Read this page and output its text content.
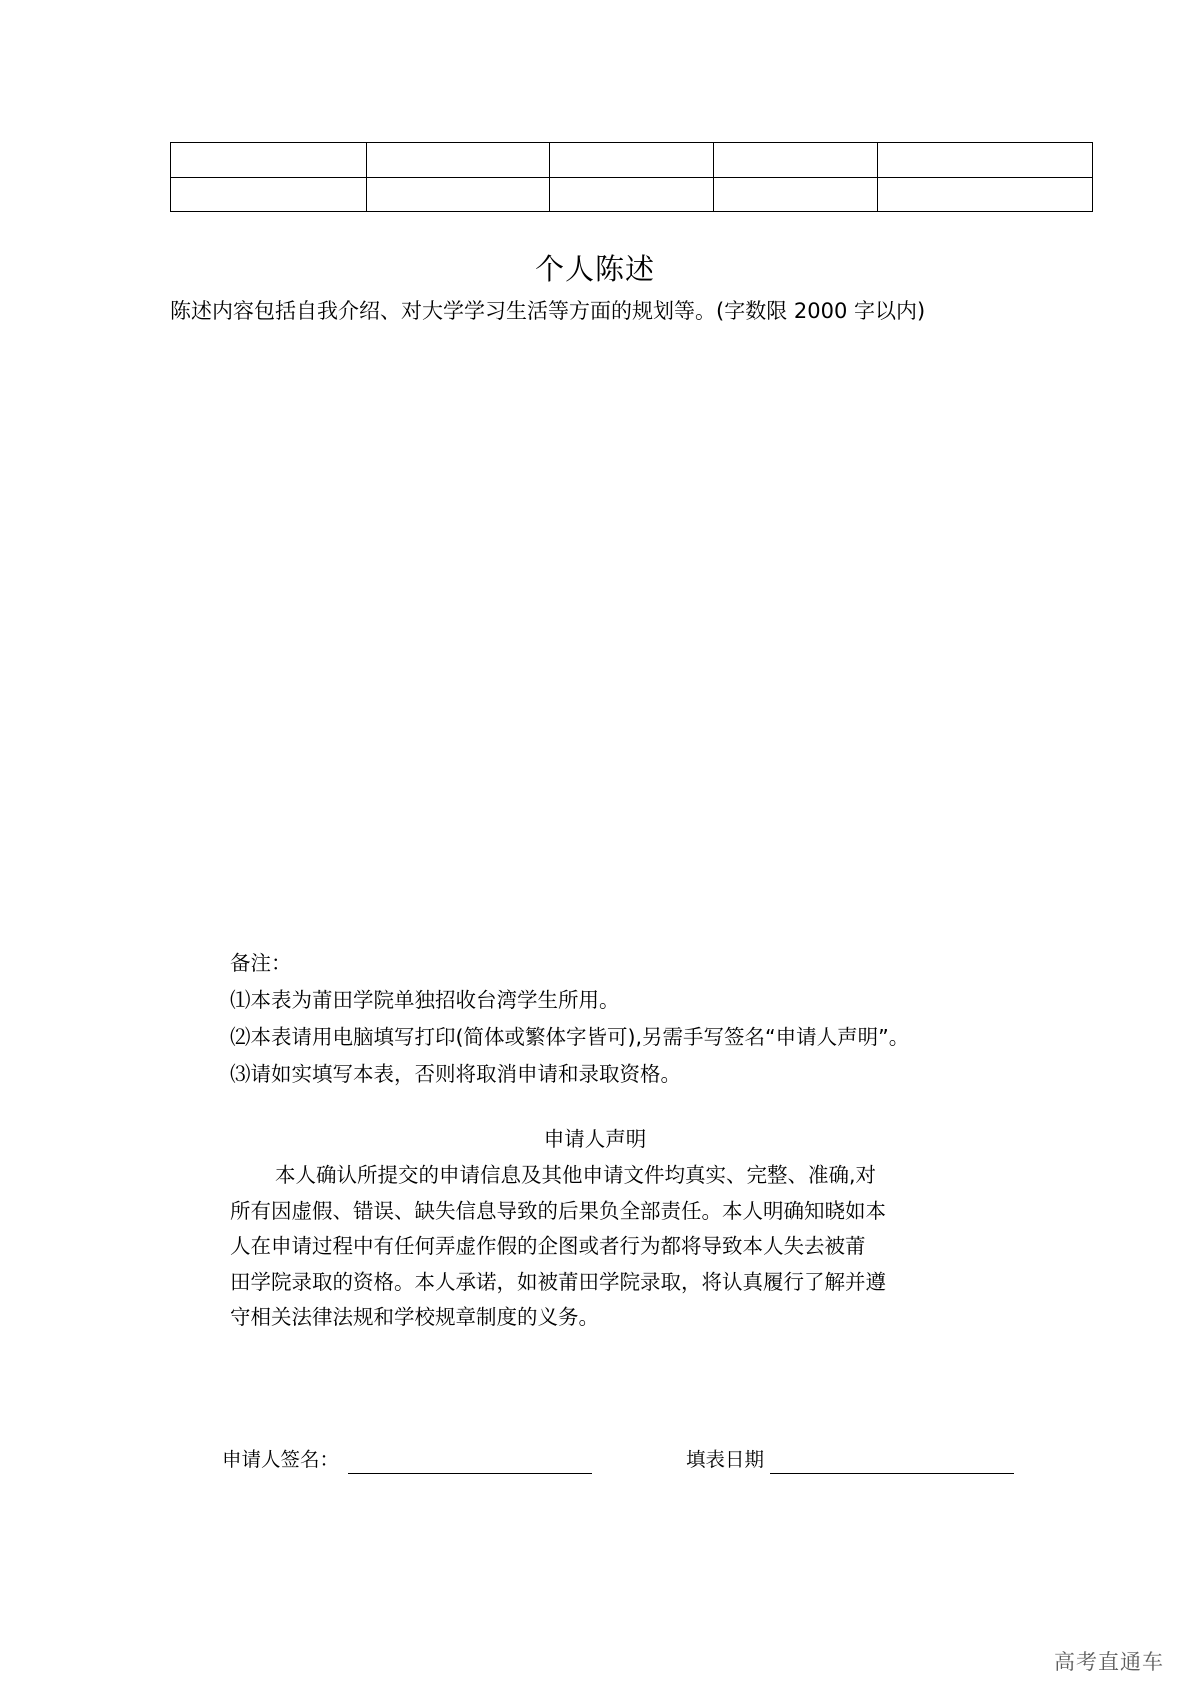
个人陈述
陈述内容包括自我介绍、对大学学习生活等方面的规划等。(字数限 2000 字以内)
备注：
⑴本表为莆田学院单独招收台湾学生所用。
⑵本表请用电脑填写打印(简体或繁体字皆可),另需手写签名“申请人声明”。
⑶请如实填写本表，否则将取消申请和录取资格。
申请人声明
本人确认所提交的申请信息及其他申请文件均真实、完整、准确,对
所有因虚假、错误、缺失信息导致的后果负全部责任。本人明确知晓如本
人在申请过程中有任何弄虚作假的企图或者行为都将导致本人失去被莆
田学院录取的资格。本人承诺，如被莆田学院录取，将认真履行了解并遵
守相关法律法规和学校规章制度的义务。
申请人签名：	填表日期
高考直通车
